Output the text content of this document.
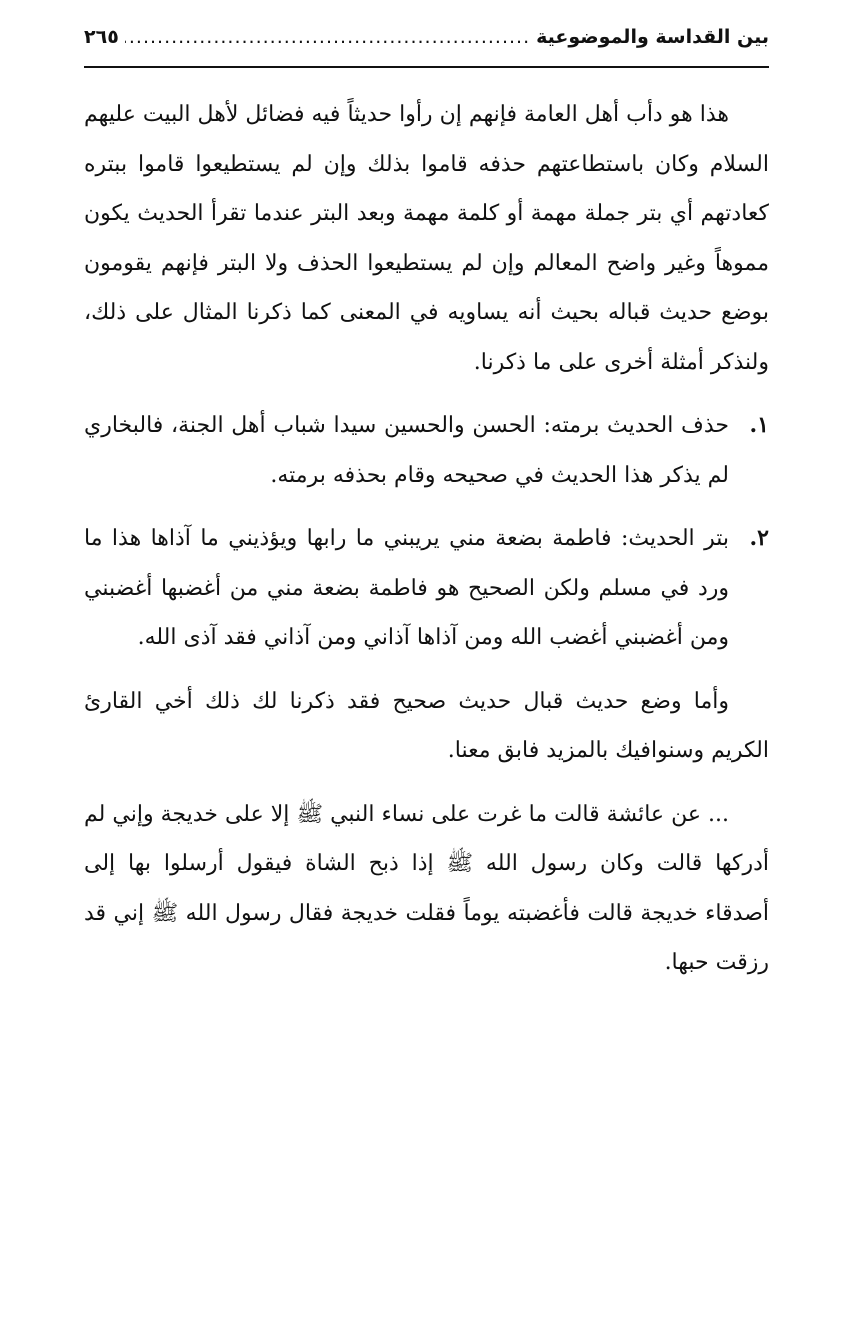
بين القداسة والموضوعية
.....
٢٦٥

هذا هو دأب أهل العامة فإنهم إن رأوا حديثاً فيه فضائل لأهل البيت عليهم السلام وكان باستطاعتهم حذفه قاموا بذلك وإن لم يستطيعوا قاموا ببتره كعادتهم أي بتر جملة مهمة أو كلمة مهمة وبعد البتر عندما تقرأ الحديث يكون مموهاً وغير واضح المعالم وإن لم يستطيعوا الحذف ولا البتر فإنهم يقومون بوضع حديث قباله بحيث أنه يساويه في المعنى كما ذكرنا المثال على ذلك، ولنذكر أمثلة أخرى على ما ذكرنا.

١.
حذف الحديث برمته: الحسن والحسين سيدا شباب أهل الجنة، فالبخاري لم يذكر هذا الحديث في صحيحه وقام بحذفه برمته.
٢.
بتر الحديث: فاطمة بضعة مني يريبني ما رابها ويؤذيني ما آذاها هذا ما ورد في مسلم ولكن الصحيح هو فاطمة بضعة مني من أغضبها أغضبني ومن أغضبني أغضب الله ومن آذاها آذاني ومن آذاني فقد آذى الله.

وأما وضع حديث قبال حديث صحيح فقد ذكرنا لك ذلك أخي القارئ الكريم وسنوافيك بالمزيد فابق معنا.

... عن عائشة قالت ما غرت على نساء النبي ﷺ إلا على خديجة وإني لم أدركها قالت وكان رسول الله ﷺ إذا ذبح الشاة فيقول أرسلوا بها إلى أصدقاء خديجة قالت فأغضبته يوماً فقلت خديجة فقال رسول الله ﷺ إني قد رزقت حبها.
